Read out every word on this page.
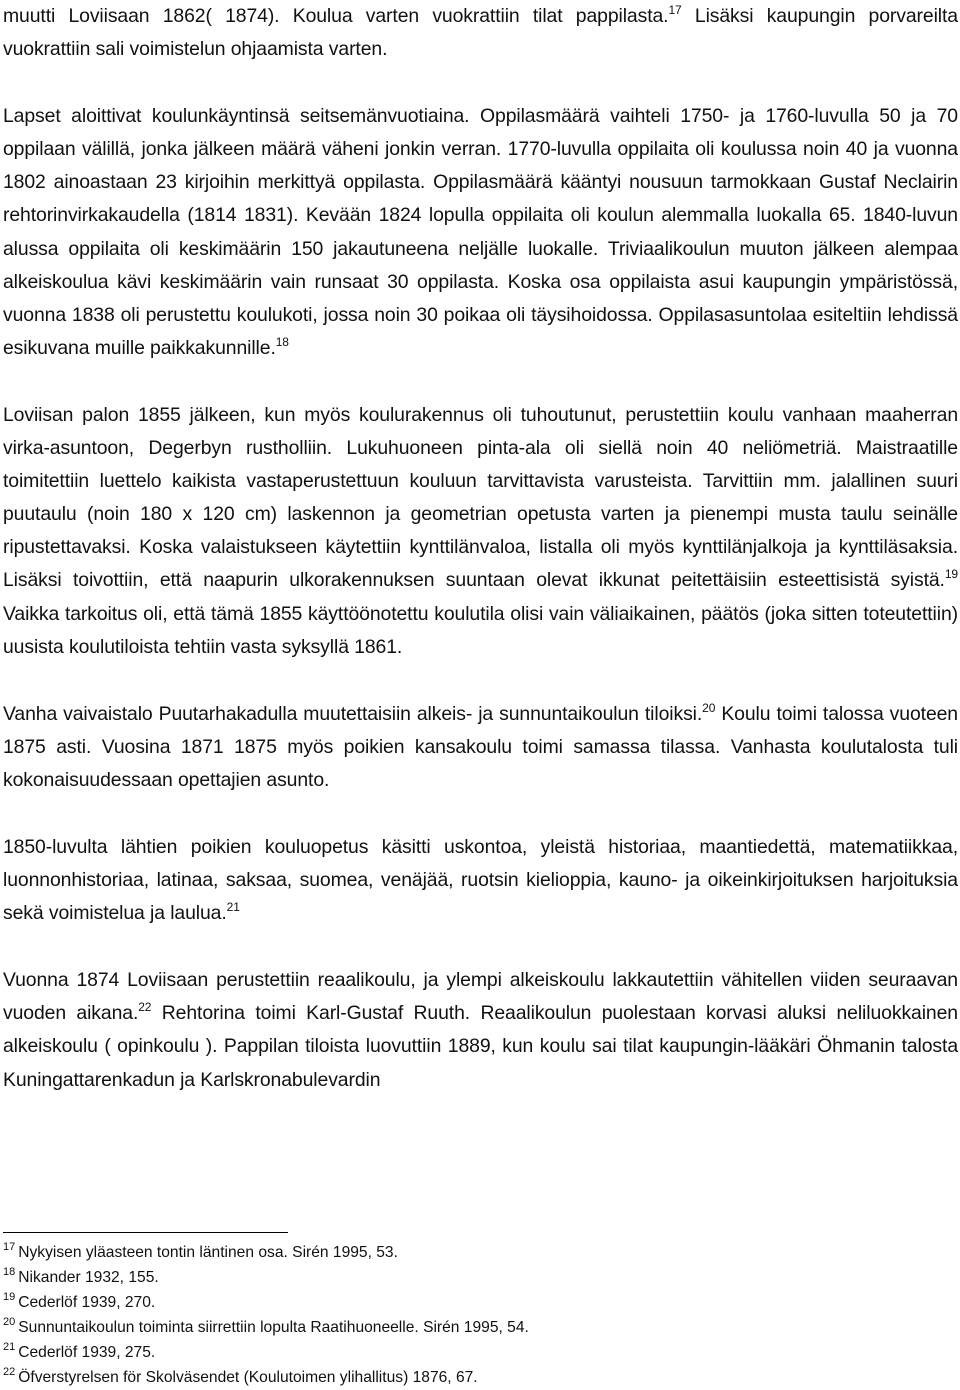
muutti Loviisaan 1862( 1874). Koulua varten vuokrattiin tilat pappilasta.$^{17}$ Lisäksi kaupungin porvareilta vuokrattiin sali voimistelun ohjaamista varten.

Lapset aloittivat koulunkäyntinsä seitsemänvuotiaina. Oppilasmäärä vaihteli 1750- ja 1760-luvulla 50 ja 70 oppilaan välillä, jonka jälkeen määrä väheni jonkin verran. 1770-luvulla oppilaita oli koulussa noin 40 ja vuonna 1802 ainoastaan 23 kirjoihin merkittyä oppilasta. Oppilasmäärä kääntyi nousuun tarmokkaan Gustaf Neclairin rehtorinvirkakaudella (1814 1831). Kevään 1824 lopulla oppilaita oli koulun alemmalla luokalla 65. 1840-luvun alussa oppilaita oli keskimäärin 150 jakautuneena neljälle luokalle. Triviaalikoulun muuton jälkeen alempaa alkeiskoulua kävi keskimäärin vain runsaat 30 oppilasta. Koska osa oppilaista asui kaupungin ympäristössä, vuonna 1838 oli perustettu koulukoti, jossa noin 30 poikaa oli täysihoidossa. Oppilasasuntolaa esiteltiin lehdissä esikuvana muille paikkakunnille.$^{18}$

Loviisan palon 1855 jälkeen, kun myös koulurakennus oli tuhoutunut, perustettiin koulu vanhaan maaherran virka-asuntoon, Degerbyn rustholliin. Lukuhuoneen pinta-ala oli siellä noin 40 neliömetriä. Maistraatille toimitettiin luettelo kaikista vastaperustettuun kouluun tarvittavista varusteista. Tarvittiin mm. jalallinen suuri puutaulu (noin 180 x 120 cm) laskennon ja geometrian opetusta varten ja pienempi musta taulu seinälle ripustettavaksi. Koska valaistukseen käytettiin kynttilänvaloa, listalla oli myös kynttilänjalkoja ja kynttiläsaksia. Lisäksi toivottiin, että naapurin ulkorakennuksen suuntaan olevat ikkunat peitettäisiin esteettisistä syistä.$^{19}$ Vaikka tarkoitus oli, että tämä 1855 käyttöönotettu koulutila olisi vain väliaikainen, päätös (joka sitten toteutettiin) uusista koulutiloista tehtiin vasta syksyllä 1861.

Vanha vaivaistalo Puutarhakadulla muutettaisiin alkeis- ja sunnuntaikoulun tiloiksi.$^{20}$ Koulu toimi talossa vuoteen 1875 asti. Vuosina 1871 1875 myös poikien kansakoulu toimi samassa tilassa. Vanhasta koulutalosta tuli kokonaisuudessaan opettajien asunto.

1850-luvulta lähtien poikien kouluopetus käsitti uskontoa, yleistä historiaa, maantiedettä, matematiikkaa, luonnonhistoriaa, latinaa, saksaa, suomea, venäjää, ruotsin kielioppia, kauno- ja oikeinkirjoituksen harjoituksia sekä voimistelua ja laulua.$^{21}$

Vuonna 1874 Loviisaan perustettiin reaalikoulu, ja ylempi alkeiskoulu lakkautettiin vähitellen viiden seuraavan vuoden aikana.$^{22}$ Rehtorina toimi Karl-Gustaf Ruuth. Reaalikoulun puolestaan korvasi aluksi neliluokkainen alkeiskoulu ( opinkoulu ). Pappilan tiloista luovuttiin 1889, kun koulu sai tilat kaupungin-lääkäri Öhmanin talosta Kuningattarenkadun ja Karlskronabulevardin

$^{17}$ Nykyisen yläasteen tontin läntinen osa. Sirén 1995, 53.

$^{18}$ Nikander 1932, 155.

$^{19}$ Cederlöf 1939, 270.

$^{20}$ Sunnuntaikoulun toiminta siirrettiin lopulta Raatihuoneelle. Sirén 1995, 54.

$^{21}$ Cederlöf 1939, 275.

$^{22}$ Öfverstyrelsen för Skolväsendet (Koulutoimen ylihallitus) 1876, 67.
